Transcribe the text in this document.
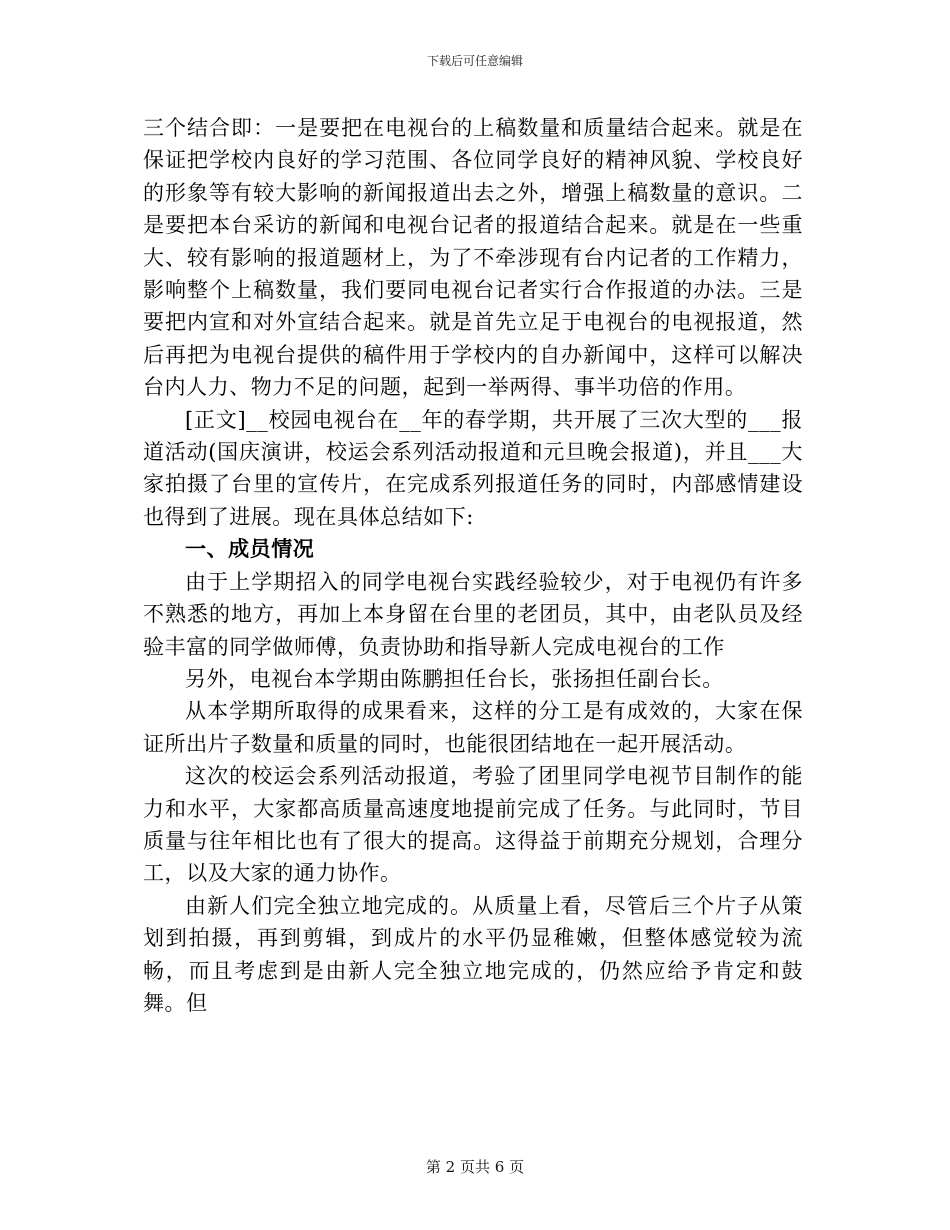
下载后可任意编辑

三个结合即：一是要把在电视台的上稿数量和质量结合起来。就是在保证把学校内良好的学习范围、各位同学良好的精神风貌、学校良好的形象等有较大影响的新闻报道出去之外，增强上稿数量的意识。二是要把本台采访的新闻和电视台记者的报道结合起来。就是在一些重大、较有影响的报道题材上，为了不牵涉现有台内记者的工作精力，影响整个上稿数量，我们要同电视台记者实行合作报道的办法。三是要把内宣和对外宣结合起来。就是首先立足于电视台的电视报道，然后再把为电视台提供的稿件用于学校内的自办新闻中，这样可以解决台内人力、物力不足的问题，起到一举两得、事半功倍的作用。

[正文]__校园电视台在__年的春学期，共开展了三次大型的___报道活动(国庆演讲，校运会系列活动报道和元旦晚会报道)，并且___大家拍摄了台里的宣传片，在完成系列报道任务的同时，内部感情建设也得到了进展。现在具体总结如下:

一、成员情况

由于上学期招入的同学电视台实践经验较少，对于电视仍有许多不熟悉的地方，再加上本身留在台里的老团员，其中，由老队员及经验丰富的同学做师傅，负责协助和指导新人完成电视台的工作

另外，电视台本学期由陈鹏担任台长，张扬担任副台长。

从本学期所取得的成果看来，这样的分工是有成效的，大家在保证所出片子数量和质量的同时，也能很团结地在一起开展活动。

这次的校运会系列活动报道，考验了团里同学电视节目制作的能力和水平，大家都高质量高速度地提前完成了任务。与此同时，节目质量与往年相比也有了很大的提高。这得益于前期充分规划，合理分工，以及大家的通力协作。

由新人们完全独立地完成的。从质量上看，尽管后三个片子从策划到拍摄，再到剪辑，到成片的水平仍显稚嫩，但整体感觉较为流畅，而且考虑到是由新人完全独立地完成的，仍然应给予肯定和鼓舞。但

第 2 页共 6 页
